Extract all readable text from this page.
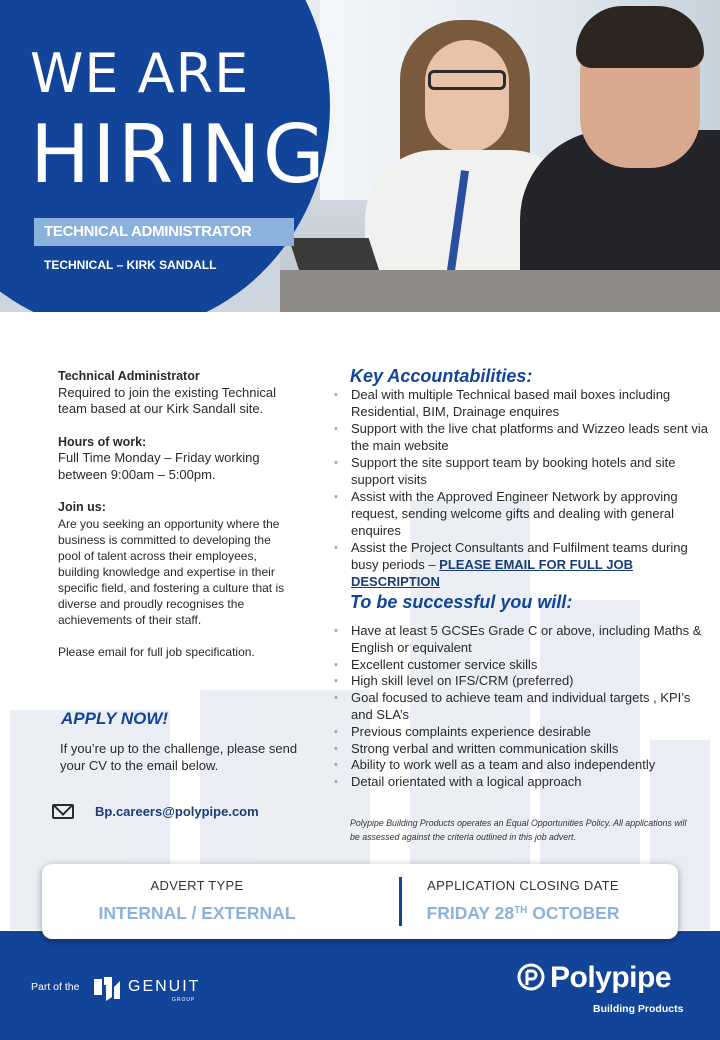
WE ARE
HIRING
TECHNICAL ADMINISTRATOR
TECHNICAL – KIRK SANDALL
Technical Administrator
Required to join the existing Technical team based at our Kirk Sandall site.
Hours of work:
Full Time Monday – Friday working between 9:00am – 5:00pm.
Join us:
Are you seeking an opportunity where the business is committed to developing the pool of talent across their employees, building knowledge and expertise in their specific field, and fostering a culture that is diverse and proudly recognises the achievements of their staff.
Please email for full job specification.
APPLY NOW!
If you’re up to the challenge, please send your CV to the email below.
Bp.careers@polypipe.com
Key Accountabilities:
• Deal with multiple Technical based mail boxes including Residential, BIM, Drainage enquires
• Support with the live chat platforms and Wizzeo leads sent via the main website
• Support the site support team by booking hotels and site support visits
• Assist with the Approved Engineer Network by approving request, sending welcome gifts and dealing with general enquires
• Assist the Project Consultants and Fulfilment teams during busy periods – PLEASE EMAIL FOR FULL JOB DESCRIPTION
To be successful you will:
• Have at least 5 GCSEs Grade C or above, including Maths & English or equivalent
• Excellent customer service skills
• High skill level on IFS/CRM (preferred)
• Goal focused to achieve team and individual targets , KPI’s and SLA’s
• Previous complaints experience desirable
• Strong verbal and written communication skills
• Ability to work well as a team and also independently
• Detail orientated with a logical approach
Polypipe Building Products operates an Equal Opportunities Policy. All applications will be assessed against the criteria outlined in this job advert.
ADVERT TYPE
INTERNAL / EXTERNAL
APPLICATION CLOSING DATE
FRIDAY 28TH OCTOBER
Part of the	GENUIT
GROUP
Polypipe
Building Products
